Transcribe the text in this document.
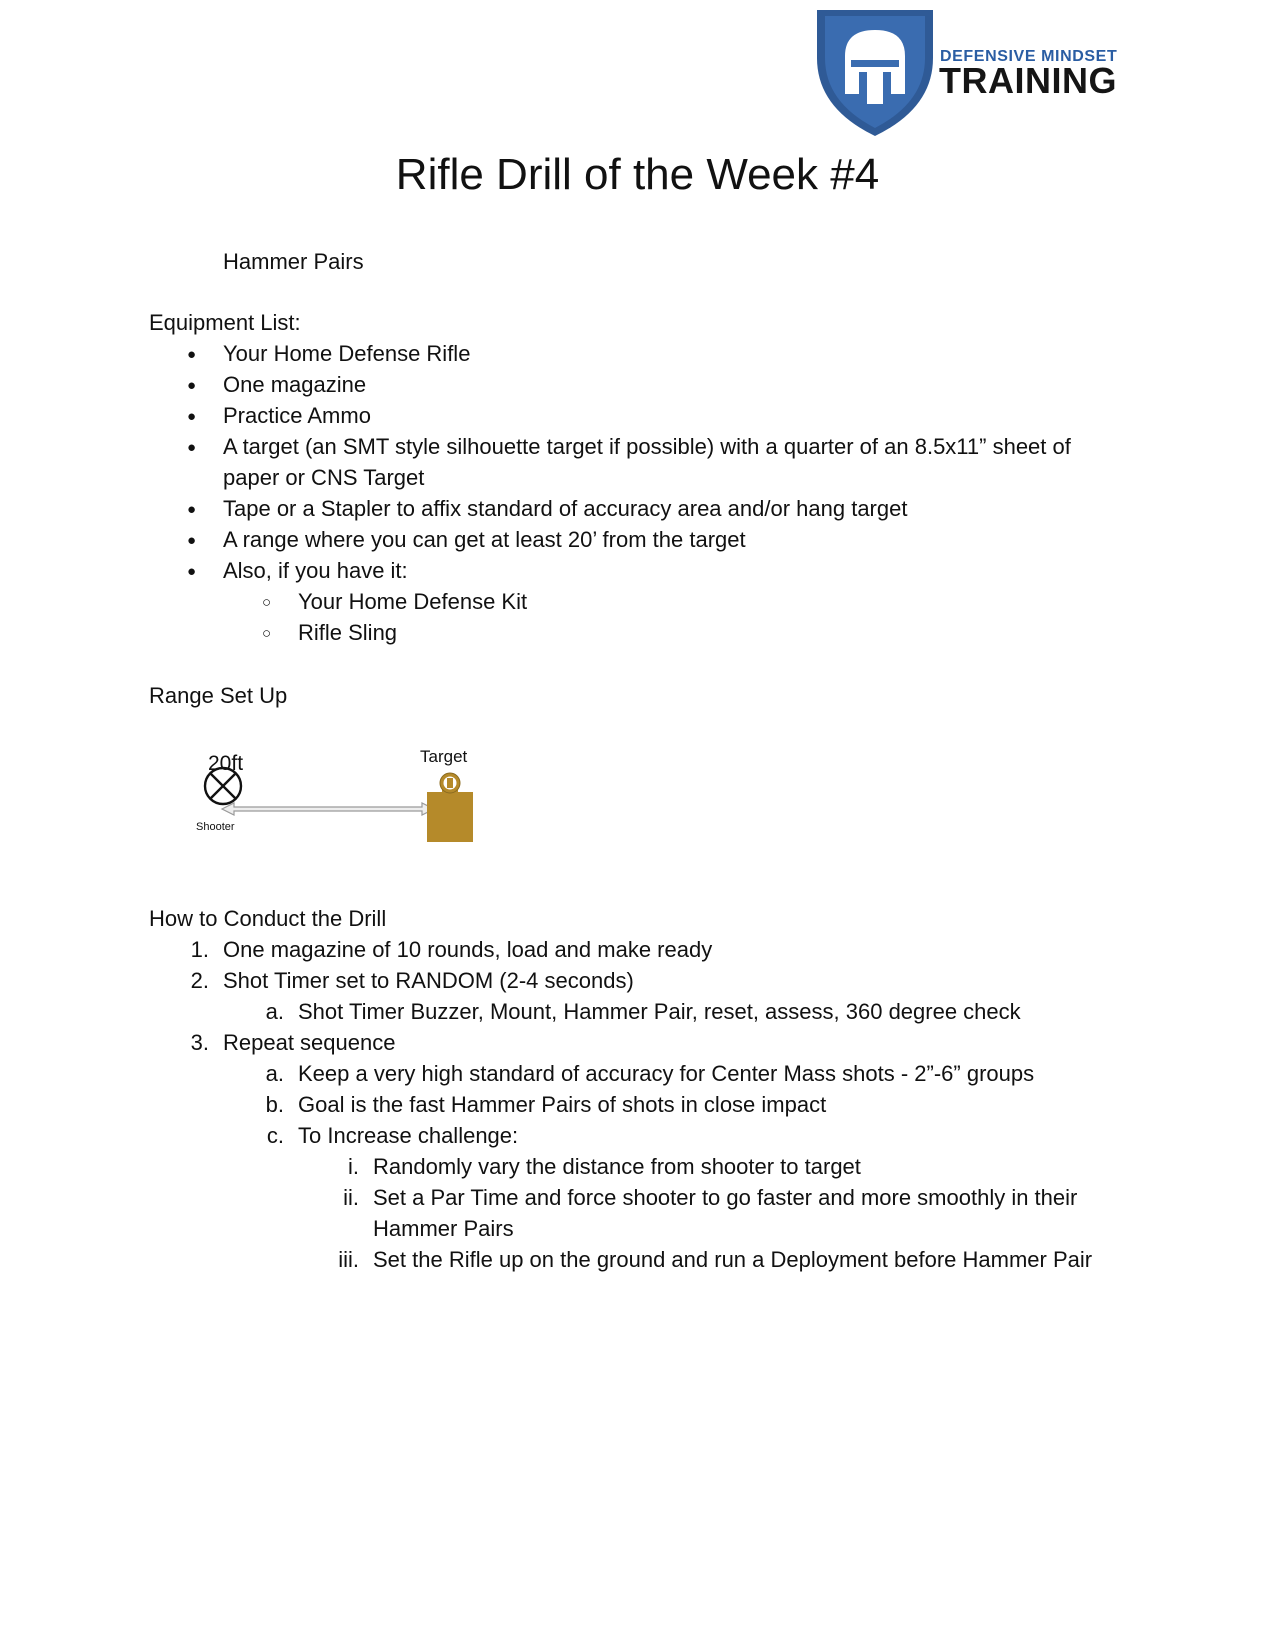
DEFENSIVE MINDSET
TRAINING
Rifle Drill of the Week #4
Hammer Pairs
Equipment List:
● Your Home Defense Rifle
● One magazine
● Practice Ammo
● A target (an SMT style silhouette target if possible) with a quarter of an 8.5x11” sheet of
paper or CNS Target
● Tape or a Stapler to affix standard of accuracy area and/or hang target
● A range where you can get at least 20’ from the target
● Also, if you have it:
○ Your Home Defense Kit
○ Rifle Sling
Range Set Up
20ft
Shooter
Target
How to Conduct the Drill
1. One magazine of 10 rounds, load and make ready
2. Shot Timer set to RANDOM (2-4 seconds)
a. Shot Timer Buzzer, Mount, Hammer Pair, reset, assess, 360 degree check
3. Repeat sequence
a. Keep a very high standard of accuracy for Center Mass shots - 2”-6” groups
b. Goal is the fast Hammer Pairs of shots in close impact
c. To Increase challenge:
i. Randomly vary the distance from shooter to target
ii. Set a Par Time and force shooter to go faster and more smoothly in their
Hammer Pairs
iii. Set the Rifle up on the ground and run a Deployment before Hammer Pair
